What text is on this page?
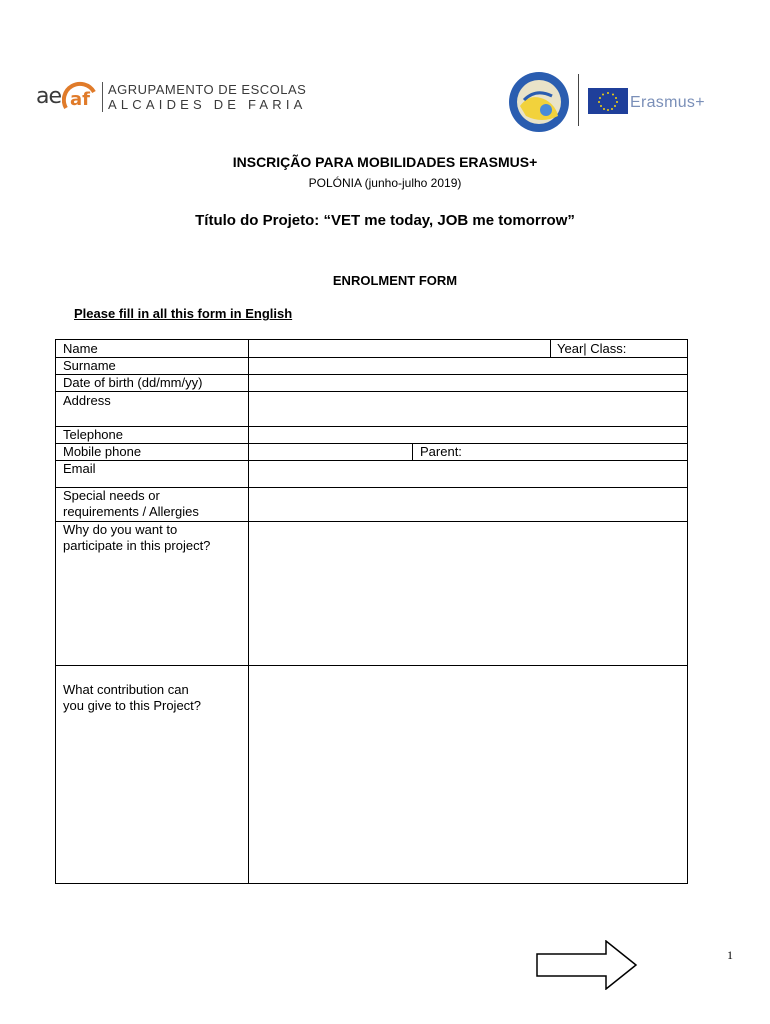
ae af AGRUPAMENTO DE ESCOLAS
ALCAIDES DE FARIA	Erasmus+
INSCRIÇÃO PARA MOBILIDADES ERASMUS+
POLÓNIA (junho-julho 2019)
Título do Projeto: “VET me today, JOB me tomorrow”
ENROLMENT FORM
Please fill in all this form in English
Name	Year| Class:
Surname
Date of birth (dd/mm/yy)
Address
Telephone
Mobile phone	Parent:
Email
Special needs or
requirements / Allergies
Why do you want to
participate in this project?
What contribution can
you give to this Project?
1
